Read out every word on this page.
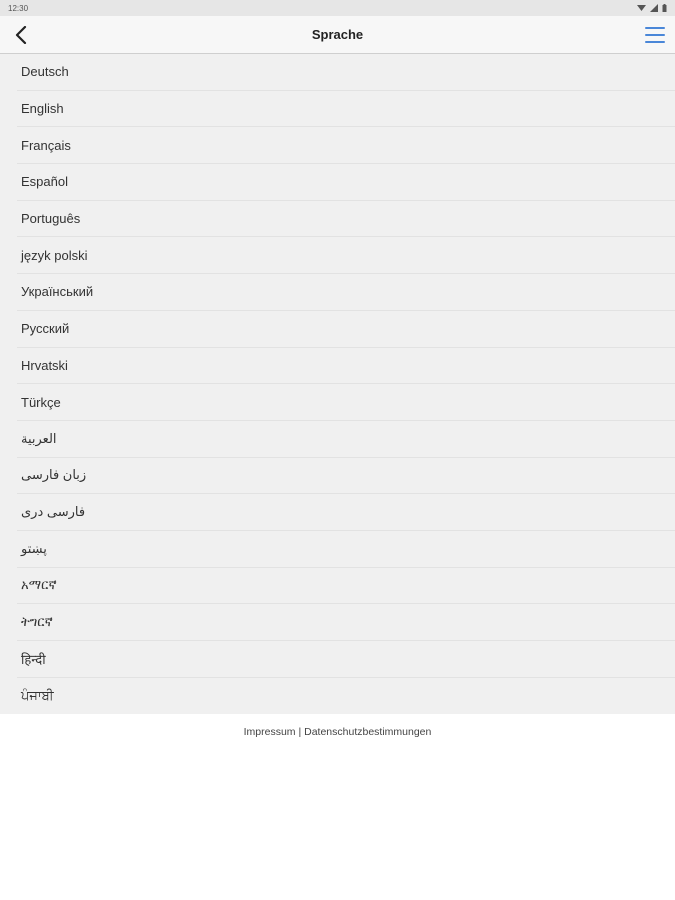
12:30
Sprache
Deutsch
English
Français
Español
Português
język polski
Український
Русский
Hrvatski
Türkçe
العربية
زبان فارسی
فارسی دری
پښتو
አማርኛ
ትግርኛ
हिन्दी
ਪੰਜਾਬੀ
Impressum | Datenschutzbestimmungen
